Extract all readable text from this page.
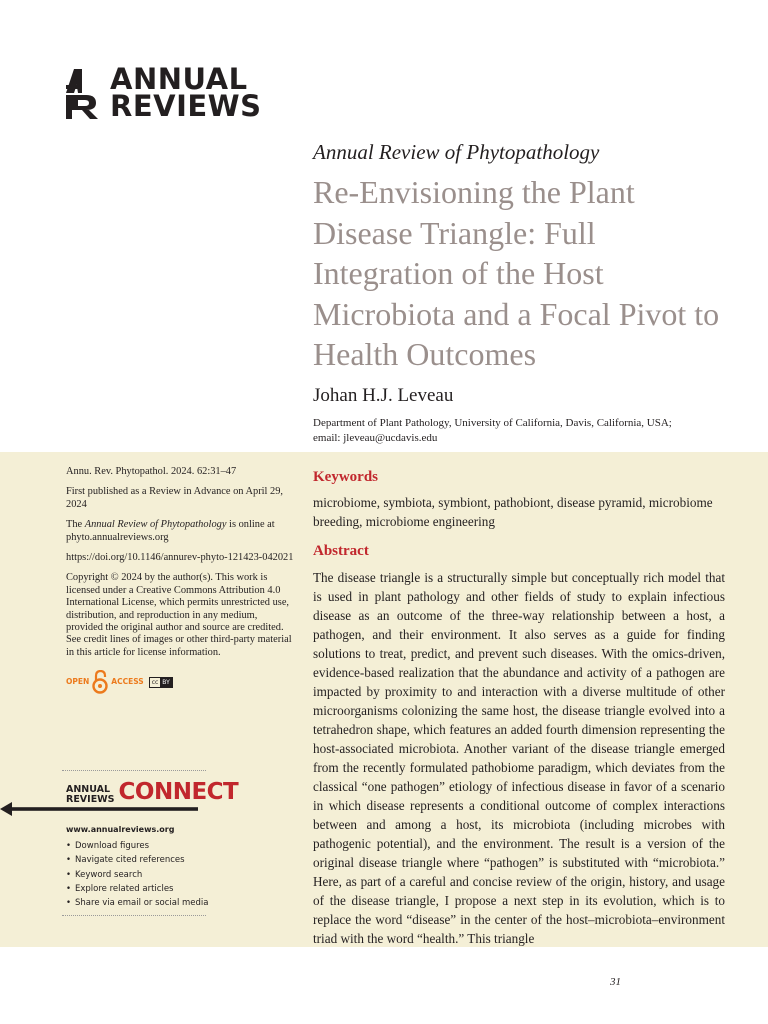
ANNUAL
REVIEWS
Annual Review of Phytopathology
Re-Envisioning the Plant Disease Triangle: Full Integration of the Host Microbiota and a Focal Pivot to Health Outcomes
Johan H.J. Leveau
Department of Plant Pathology, University of California, Davis, California, USA;
email: jleveau@ucdavis.edu

Annu. Rev. Phytopathol. 2024. 62:31–47

First published as a Review in Advance on April 29, 2024

The Annual Review of Phytopathology is online at phyto.annualreviews.org

https://doi.org/10.1146/annurev-phyto-121423-042021

Copyright © 2024 by the author(s). This work is licensed under a Creative Commons Attribution 4.0 International License, which permits unrestricted use, distribution, and reproduction in any medium, provided the original author and source are credited. See credit lines of images or other third-party material in this article for license information.

OPEN	ACCESS	cc BY
ANNUAL
REVIEWS CONNECT
www.annualreviews.org
• Download figures
• Navigate cited references
• Keyword search
• Explore related articles
• Share via email or social media
Keywords

microbiome, symbiota, symbiont, pathobiont, disease pyramid, microbiome breeding, microbiome engineering

Abstract

The disease triangle is a structurally simple but conceptually rich model that is used in plant pathology and other fields of study to explain infectious disease as an outcome of the three-way relationship between a host, a pathogen, and their environment. It also serves as a guide for finding solutions to treat, predict, and prevent such diseases. With the omics-driven, evidence-based realization that the abundance and activity of a pathogen are impacted by proximity to and interaction with a diverse multitude of other microorganisms colonizing the same host, the disease triangle evolved into a tetrahedron shape, which features an added fourth dimension representing the host-associated microbiota. Another variant of the disease triangle emerged from the recently formulated pathobiome paradigm, which deviates from the classical “one pathogen” etiology of infectious disease in favor of a scenario in which disease represents a conditional outcome of complex interactions between and among a host, its microbiota (including microbes with pathogenic potential), and the environment. The result is a version of the original disease triangle where “pathogen” is substituted with “microbiota.” Here, as part of a careful and concise review of the origin, history, and usage of the disease triangle, I propose a next step in its evolution, which is to replace the word “disease” in the center of the host–microbiota–environment triad with the word “health.” This triangle

31
